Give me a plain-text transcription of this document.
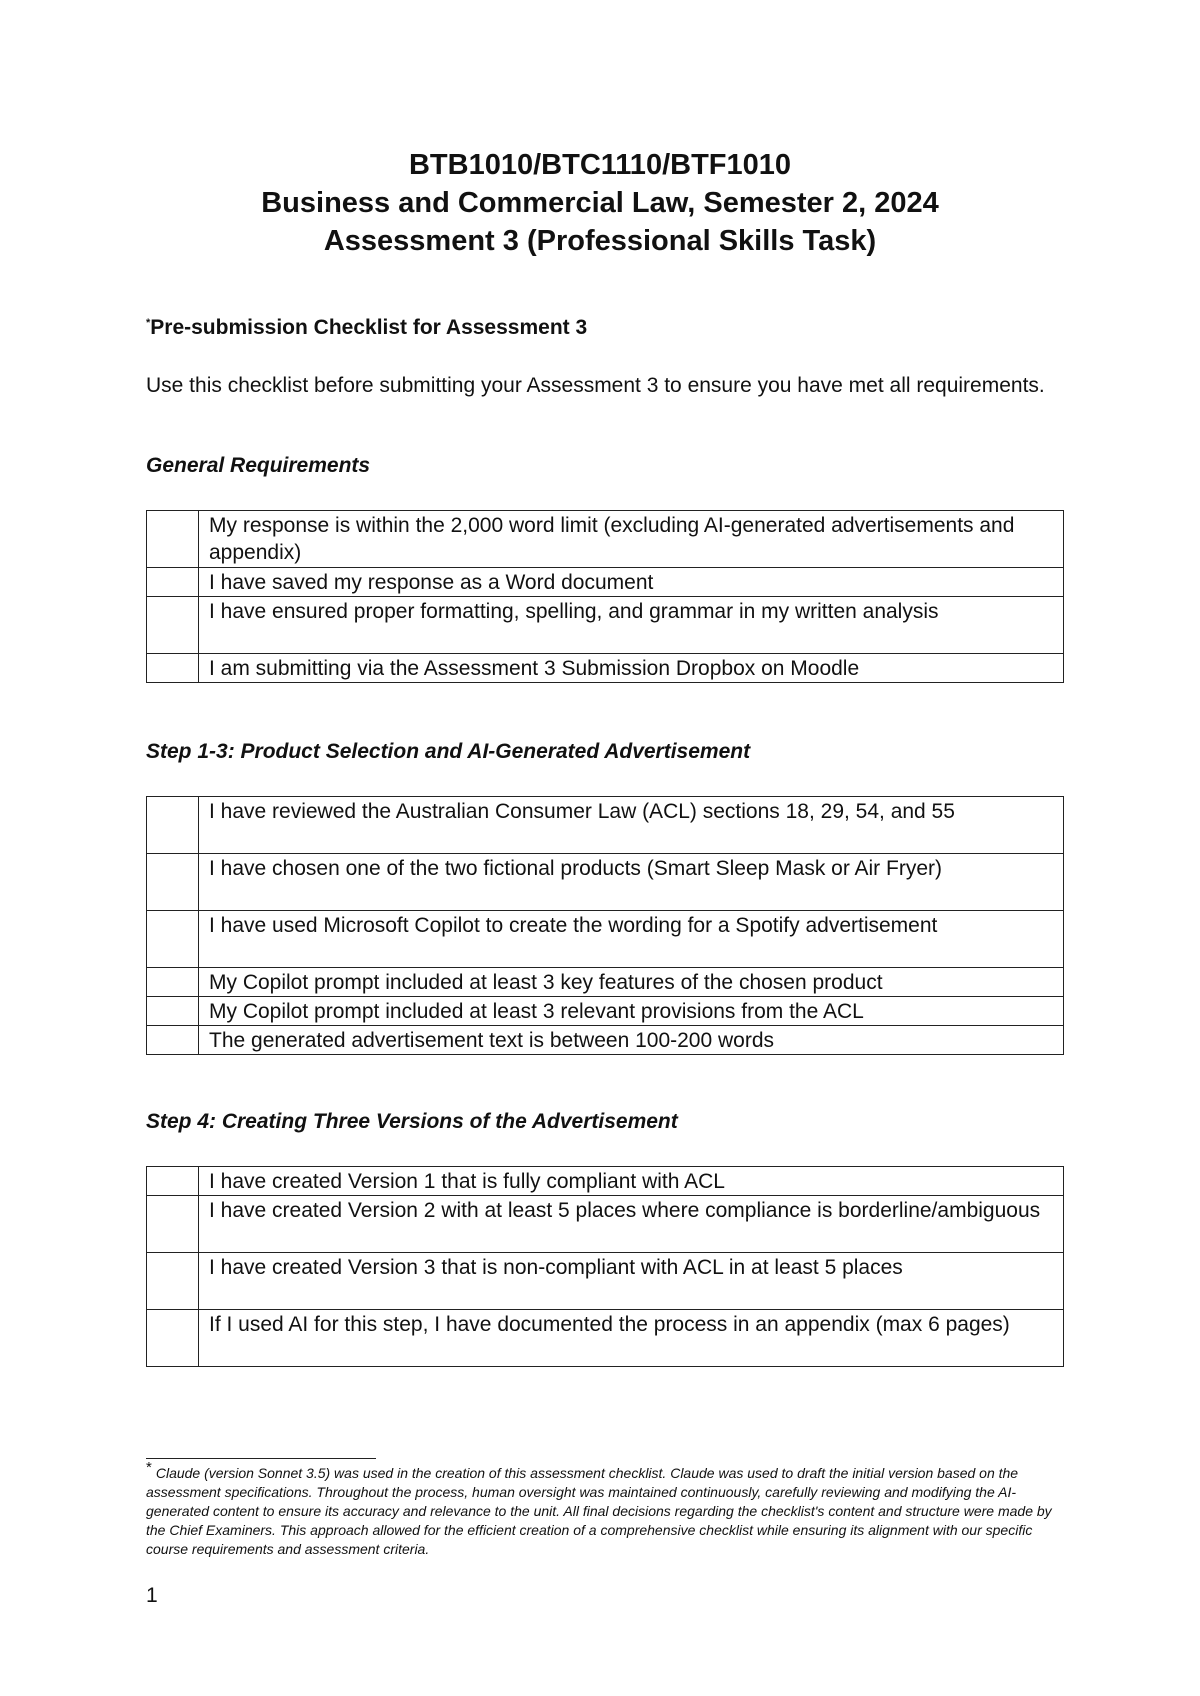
BTB1010/BTC1110/BTF1010

Business and Commercial Law, Semester 2, 2024

Assessment 3 (Professional Skills Task)

*Pre-submission Checklist for Assessment 3

Use this checklist before submitting your Assessment 3 to ensure you have met all requirements.

General Requirements

	My response is within the 2,000 word limit (excluding AI-generated advertisements and appendix)
	I have saved my response as a Word document
	I have ensured proper formatting, spelling, and grammar in my written analysis
	I am submitting via the Assessment 3 Submission Dropbox on Moodle

Step 1-3: Product Selection and AI-Generated Advertisement

	I have reviewed the Australian Consumer Law (ACL) sections 18, 29, 54, and 55
	I have chosen one of the two fictional products (Smart Sleep Mask or Air Fryer)
	I have used Microsoft Copilot to create the wording for a Spotify advertisement
	My Copilot prompt included at least 3 key features of the chosen product
	My Copilot prompt included at least 3 relevant provisions from the ACL
	The generated advertisement text is between 100-200 words

Step 4: Creating Three Versions of the Advertisement

	I have created Version 1 that is fully compliant with ACL
	I have created Version 2 with at least 5 places where compliance is borderline/ambiguous
	I have created Version 3 that is non-compliant with ACL in at least 5 places
	If I used AI for this step, I have documented the process in an appendix (max 6 pages)

* Claude (version Sonnet 3.5) was used in the creation of this assessment checklist. Claude was used to draft the initial version based on the assessment specifications. Throughout the process, human oversight was maintained continuously, carefully reviewing and modifying the AI-generated content to ensure its accuracy and relevance to the unit. All final decisions regarding the checklist's content and structure were made by the Chief Examiners. This approach allowed for the efficient creation of a comprehensive checklist while ensuring its alignment with our specific course requirements and assessment criteria.

1
